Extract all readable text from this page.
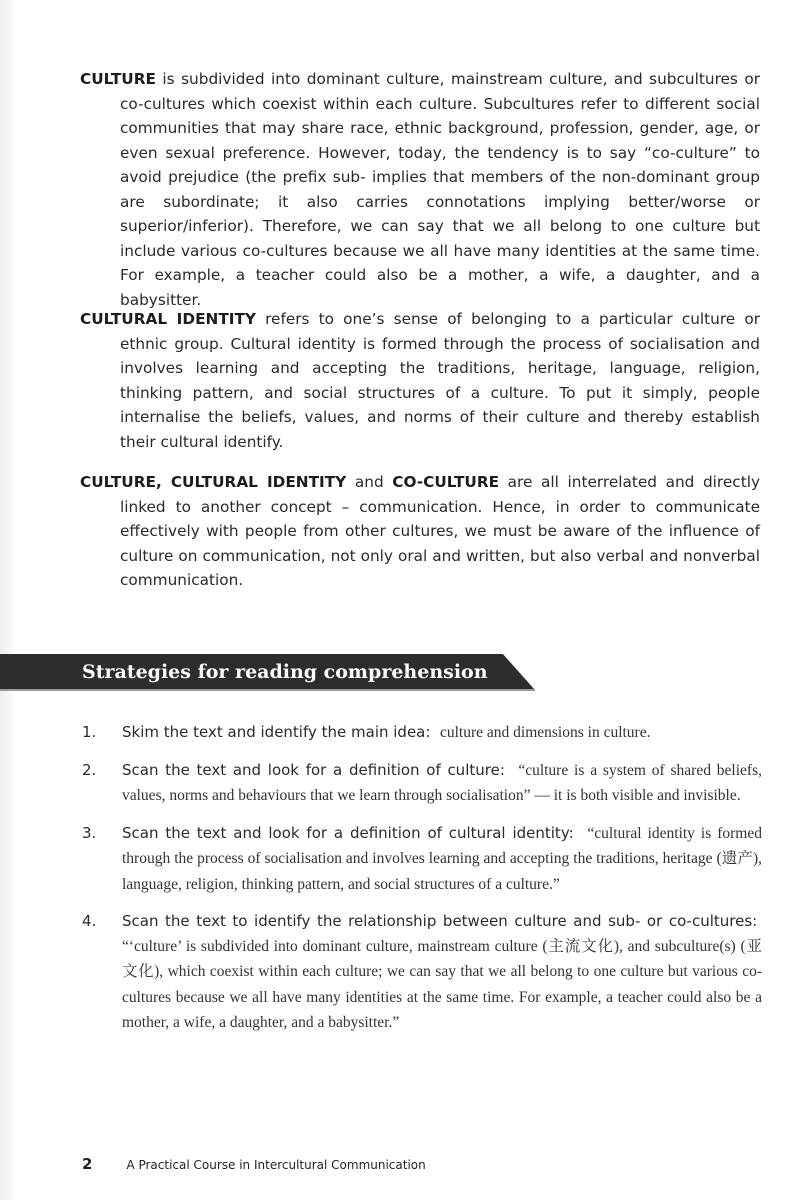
CULTURE is subdivided into dominant culture, mainstream culture, and subcultures or co-cultures which coexist within each culture. Subcultures refer to different social communities that may share race, ethnic background, profession, gender, age, or even sexual preference. However, today, the tendency is to say “co-culture” to avoid prejudice (the prefix sub- implies that members of the non-dominant group are subordinate; it also carries connotations implying better/worse or superior/inferior). Therefore, we can say that we all belong to one culture but include various co-cultures because we all have many identities at the same time. For example, a teacher could also be a mother, a wife, a daughter, and a babysitter.

CULTURAL IDENTITY refers to one’s sense of belonging to a particular culture or ethnic group. Cultural identity is formed through the process of socialisation and involves learning and accepting the traditions, heritage, language, religion, thinking pattern, and social structures of a culture. To put it simply, people internalise the beliefs, values, and norms of their culture and thereby establish their cultural identify.

CULTURE, CULTURAL IDENTITY and CO-CULTURE are all interrelated and directly linked to another concept – communication. Hence, in order to communicate effectively with people from other cultures, we must be aware of the influence of culture on communication, not only oral and written, but also verbal and nonverbal communication.

Strategies for reading comprehension
1. Skim the text and identify the main idea: culture and dimensions in culture.
2. Scan the text and look for a definition of culture: “culture is a system of shared beliefs, values, norms and behaviours that we learn through socialisation” — it is both visible and invisible.
3. Scan the text and look for a definition of cultural identity: “cultural identity is formed through the process of socialisation and involves learning and accepting the traditions, heritage (遗产), language, religion, thinking pattern, and social structures of a culture.”
4. Scan the text to identify the relationship between culture and sub- or co-cultures:  “‘culture’ is subdivided into dominant culture, mainstream culture (主流文化), and subculture(s) (亚文化), which coexist within each culture; we can say that we all belong to one culture but various co-cultures because we all have many identities at the same time. For example, a teacher could also be a mother, a wife, a daughter, and a babysitter.”
2	A Practical Course in Intercultural Communication
